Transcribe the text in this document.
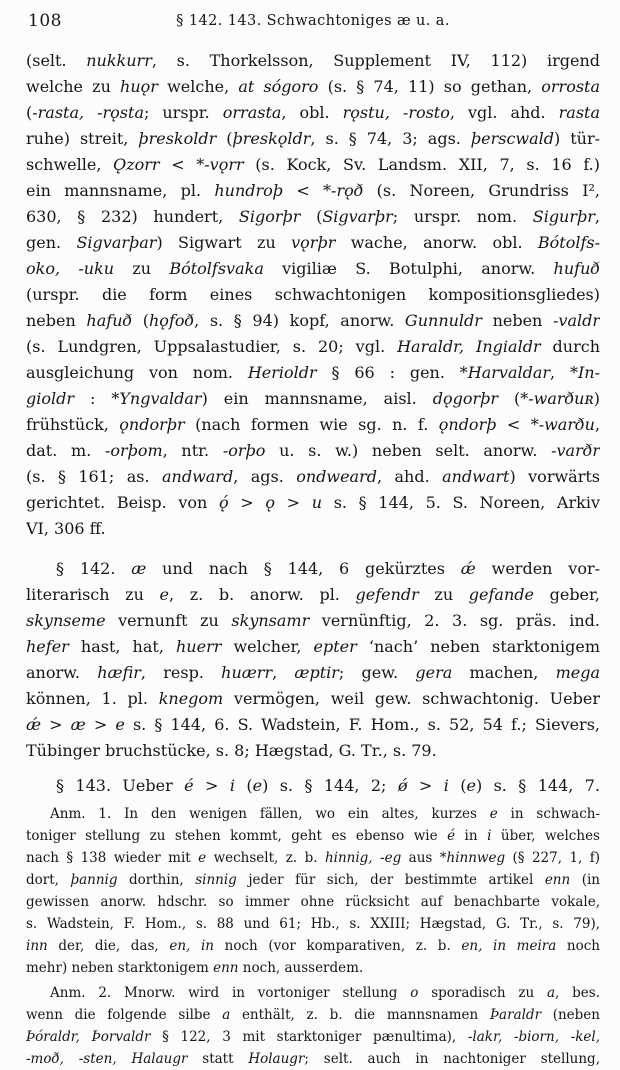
108	§ 142. 143. Schwachtoniges æ u. a.
(selt. nukkurr, s. Thorkelsson, Supplement IV, 112) irgend
welche zu huǫr welche, at sógoro (s. § 74, 11) so gethan, orrosta
(-rasta, -rǫsta; urspr. orrasta, obl. rǫstu, -rosto, vgl. ahd. rasta
ruhe) streit, þreskoldr (þreskǫldr, s. § 74, 3; ags. þerscwald) tür-
schwelle, Ǫzorr < *-vǫrr (s. Kock, Sv. Landsm. XII, 7, s. 16 f.)
ein mannsname, pl. hundroþ < *-rǫð (s. Noreen, Grundriss I²,
630, § 232) hundert, Sigorþr (Sigvarþr; urspr. nom. Sigurþr,
gen. Sigvarþar) Sigwart zu vǫrþr wache, anorw. obl. Bótolfs-
oko, -uku zu Bótolfsvaka vigiliæ S. Botulphi, anorw. hufuð
(urspr. die form eines schwachtonigen kompositionsgliedes)
neben hafuð (hǫfoð, s. § 94) kopf, anorw. Gunnuldr neben -valdr
(s. Lundgren, Uppsalastudier, s. 20; vgl. Haraldr, Ingialdr durch
ausgleichung von nom. Herioldr § 66 : gen. *Harvaldar, *In-
gioldr : *Yngvaldar) ein mannsname, aisl. dǫgorþr (*-warðuʀ)
frühstück, ǫndorþr (nach formen wie sg. n. f. ǫndorþ < *-warðu,
dat. m. -orþom, ntr. -orþo u. s. w.) neben selt. anorw. -varðr
(s. § 161; as. andward, ags. ondweard, ahd. andwart) vorwärts
gerichtet. Beisp. von ǫ́ > ǫ > u s. § 144, 5. S. Noreen, Arkiv
VI, 306 ff.
§ 142. æ und nach § 144, 6 gekürztes ǽ werden vor-
literarisch zu e, z. b. anorw. pl. gefendr zu gefande geber,
skynseme vernunft zu skynsamr vernünftig, 2. 3. sg. präs. ind.
hefer hast, hat, huerr welcher, epter ‘nach’ neben starktonigem
anorw. hæfir, resp. huærr, æptir; gew. gera machen, mega
können, 1. pl. knegom vermögen, weil gew. schwachtonig. Ueber
ǽ > æ > e s. § 144, 6. S. Wadstein, F. Hom., s. 52, 54 f.; Sievers,
Tübinger bruchstücke, s. 8; Hægstad, G. Tr., s. 79.
§ 143. Ueber é > i (e) s. § 144, 2; ǿ > i (e) s. § 144, 7.
Anm. 1. In den wenigen fällen, wo ein altes, kurzes e in schwach-
toniger stellung zu stehen kommt, geht es ebenso wie é in i über, welches
nach § 138 wieder mit e wechselt, z. b. hinnig, -eg aus *hinnweg (§ 227, 1, f)
dort, þannig dorthin, sinnig jeder für sich, der bestimmte artikel enn (in
gewissen anorw. hdschr. so immer ohne rücksicht auf benachbarte vokale,
s. Wadstein, F. Hom., s. 88 und 61; Hb., s. XXIII; Hægstad, G. Tr., s. 79),
inn der, die, das, en, in noch (vor komparativen, z. b. en, in meira noch
mehr) neben starktonigem enn noch, ausserdem.
Anm. 2. Mnorw. wird in vortoniger stellung o sporadisch zu a, bes.
wenn die folgende silbe a enthält, z. b. die mannsnamen Þaraldr (neben
Þóraldr, Þorvaldr § 122, 3 mit starktoniger pænultima), -lakr, -biorn, -kel,
-moð, -sten, Halaugr statt Holaugr; selt. auch in nachtoniger stellung,
